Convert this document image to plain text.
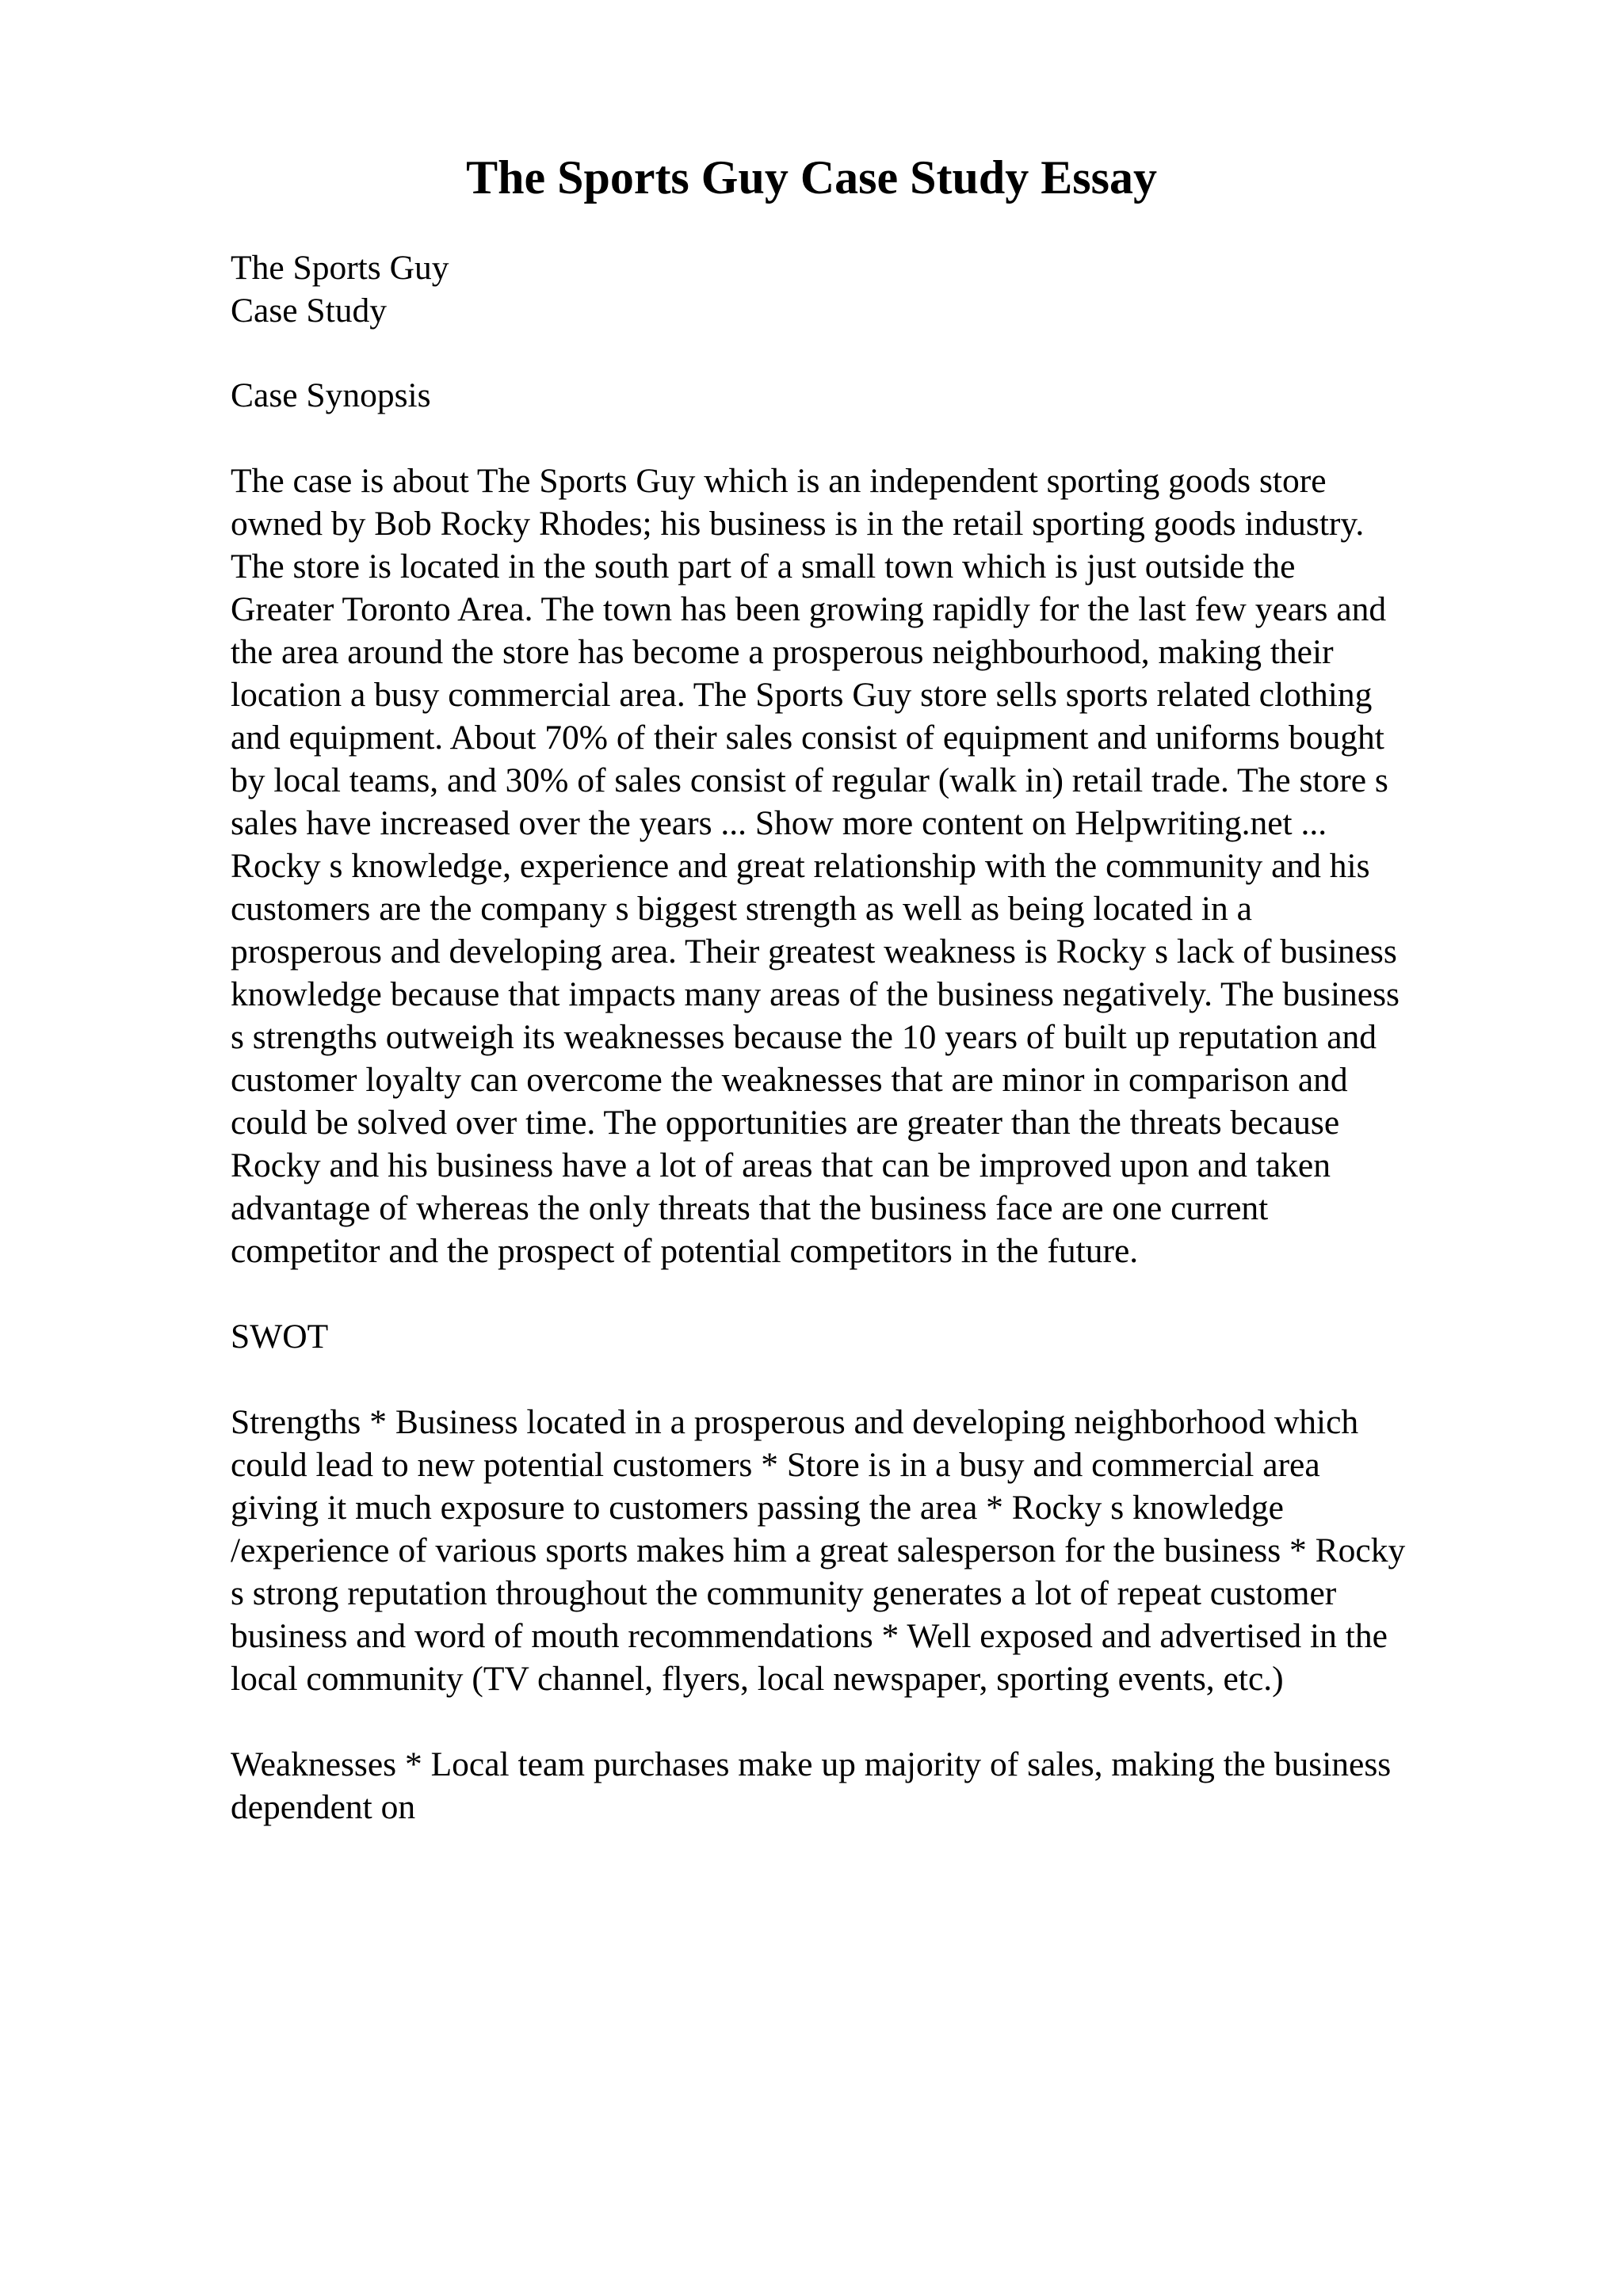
The Sports Guy Case Study Essay
The Sports Guy
Case Study
Case Synopsis
The case is about The Sports Guy which is an independent sporting goods store
owned by Bob Rocky Rhodes; his business is in the retail sporting goods industry.
The store is located in the south part of a small town which is just outside the
Greater Toronto Area. The town has been growing rapidly for the last few years and
the area around the store has become a prosperous neighbourhood, making their
location a busy commercial area. The Sports Guy store sells sports related clothing
and equipment. About 70% of their sales consist of equipment and uniforms bought
by local teams, and 30% of sales consist of regular (walk in) retail trade. The store s
sales have increased over the years ... Show more content on Helpwriting.net ...
Rocky s knowledge, experience and great relationship with the community and his
customers are the company s biggest strength as well as being located in a
prosperous and developing area. Their greatest weakness is Rocky s lack of business
knowledge because that impacts many areas of the business negatively. The business
s strengths outweigh its weaknesses because the 10 years of built up reputation and
customer loyalty can overcome the weaknesses that are minor in comparison and
could be solved over time. The opportunities are greater than the threats because
Rocky and his business have a lot of areas that can be improved upon and taken
advantage of whereas the only threats that the business face are one current
competitor and the prospect of potential competitors in the future.
SWOT
Strengths * Business located in a prosperous and developing neighborhood which
could lead to new potential customers * Store is in a busy and commercial area
giving it much exposure to customers passing the area * Rocky s knowledge
/experience of various sports makes him a great salesperson for the business * Rocky
s strong reputation throughout the community generates a lot of repeat customer
business and word of mouth recommendations * Well exposed and advertised in the
local community (TV channel, flyers, local newspaper, sporting events, etc.)
Weaknesses * Local team purchases make up majority of sales, making the business
dependent on
